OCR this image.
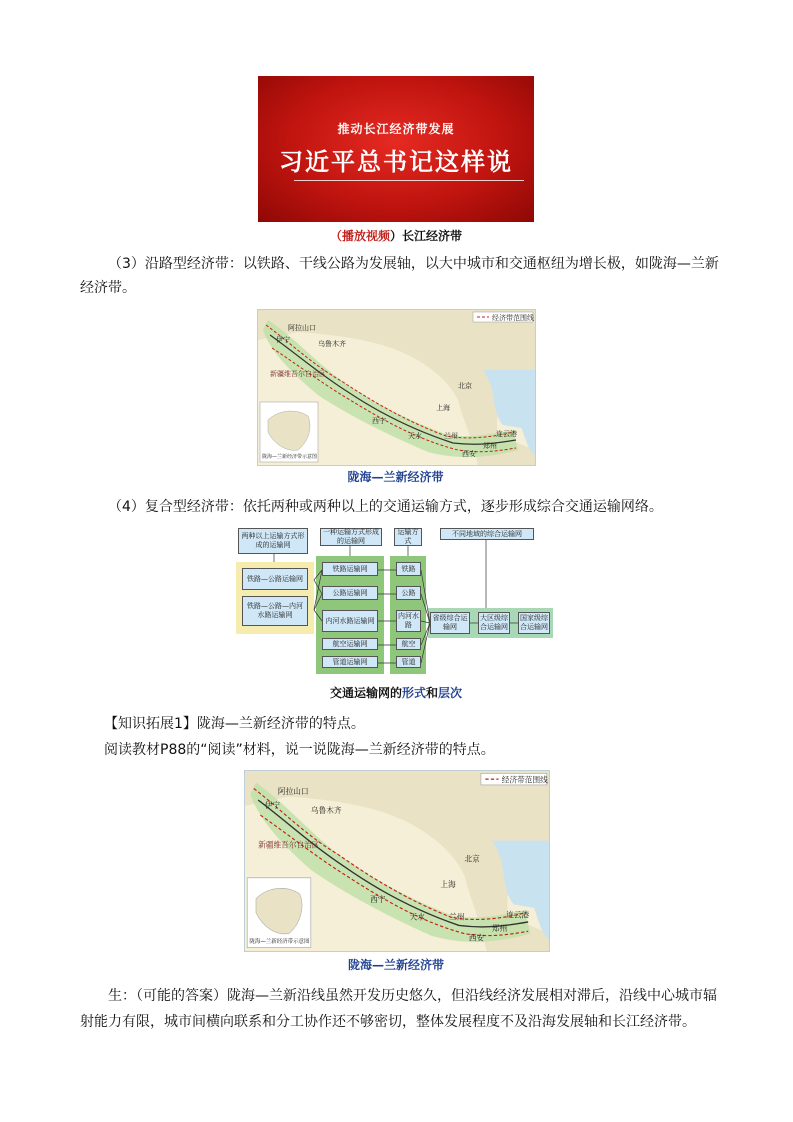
推动长江经济带发展
习近平总书记这样说
（播放视频）长江经济带
（3）沿路型经济带：以铁路、干线公路为发展轴，以大中城市和交通枢纽为增长极，如陇海—兰新经济带。
经济带范围线
阿拉山口
伊宁	乌鲁木齐
新疆维吾尔自治区
北京
西宁
兰州
西安
连云港
郑州
天水
上海
陇海—兰新经济带示意图
陇海—兰新经济带
（4）复合型经济带：依托两种或两种以上的交通运输方式，逐步形成综合交通运输网络。
两种以上运输方式形成的运输网
一种运输方式形成的运输网
运输方式
不同地域的综合运输网
铁路—公路运输网
铁路—公路—内河水路运输网
铁路运输网
公路运输网
内河水路运输网
航空运输网
管道运输网
铁路
公路
内河水路
航空
管道
省级综合运输网
大区级综合运输网
国家级综合运输网
交通运输网的形式和层次
【知识拓展1】陇海—兰新经济带的特点。
阅读教材P88的“阅读”材料，说一说陇海—兰新经济带的特点。
经济带范围线
阿拉山口
伊宁
乌鲁木齐
新疆维吾尔自治区
北京
西宁
兰州
西安
连云港
郑州
天水
上海
陇海—兰新经济带示意图
陇海—兰新经济带
生：（可能的答案）陇海—兰新沿线虽然开发历史悠久，但沿线经济发展相对滞后，沿线中心城市辐射能力有限，城市间横向联系和分工协作还不够密切，整体发展程度不及沿海发展轴和长江经济带。
